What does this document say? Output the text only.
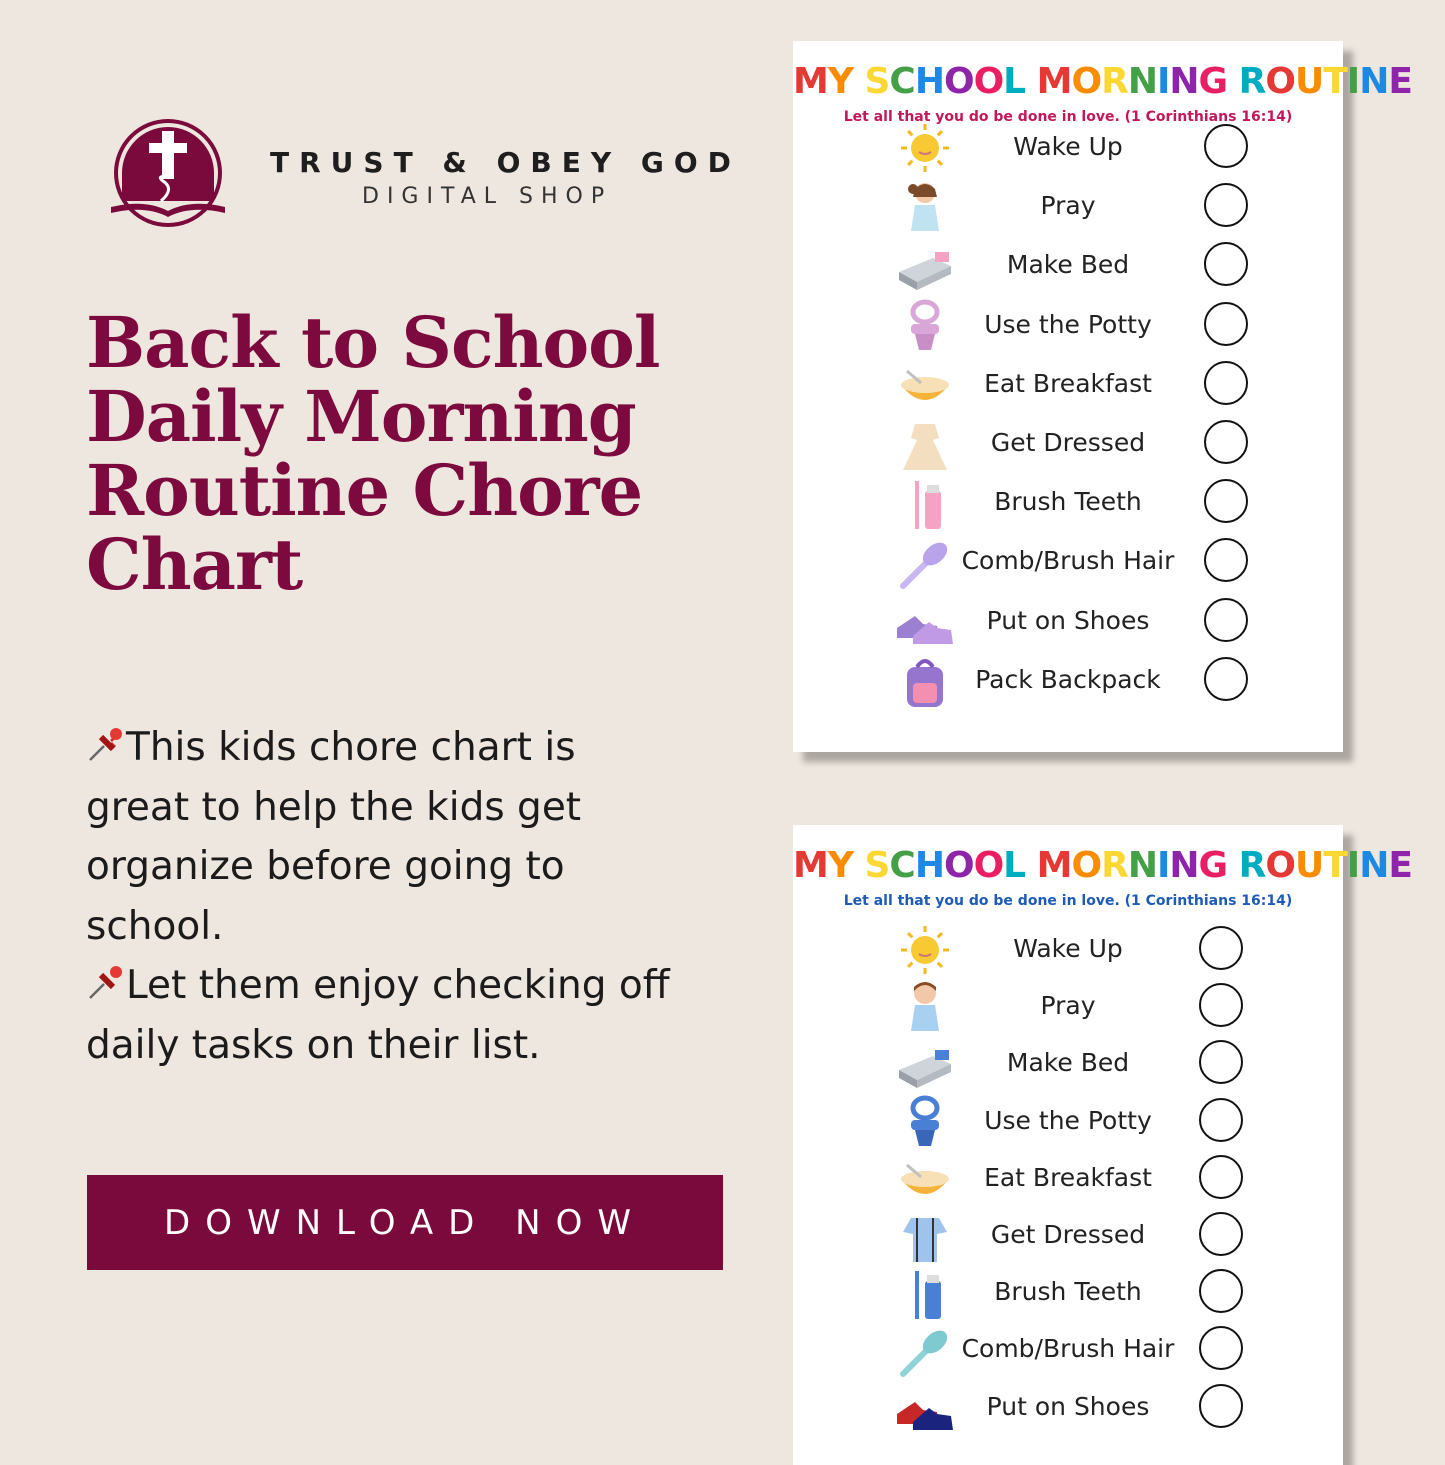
TRUST & OBEY GOD
DIGITAL SHOP
Back to School Daily Morning Routine Chore Chart
This kids chore chart is great to help the kids get organize before going to school.
Let them enjoy checking off daily tasks on their list.
DOWNLOAD NOW
MY SCHOOL MORNING ROUTINE
Let all that you do be done in love. (1 Corinthians 16:14)
Wake Up
Pray
Make Bed
Use the Potty
Eat Breakfast
Get Dressed
Brush Teeth
Comb/Brush Hair
Put on Shoes
Pack Backpack
MY SCHOOL MORNING ROUTINE
Let all that you do be done in love. (1 Corinthians 16:14)
Wake Up
Pray
Make Bed
Use the Potty
Eat Breakfast
Get Dressed
Brush Teeth
Comb/Brush Hair
Put on Shoes
